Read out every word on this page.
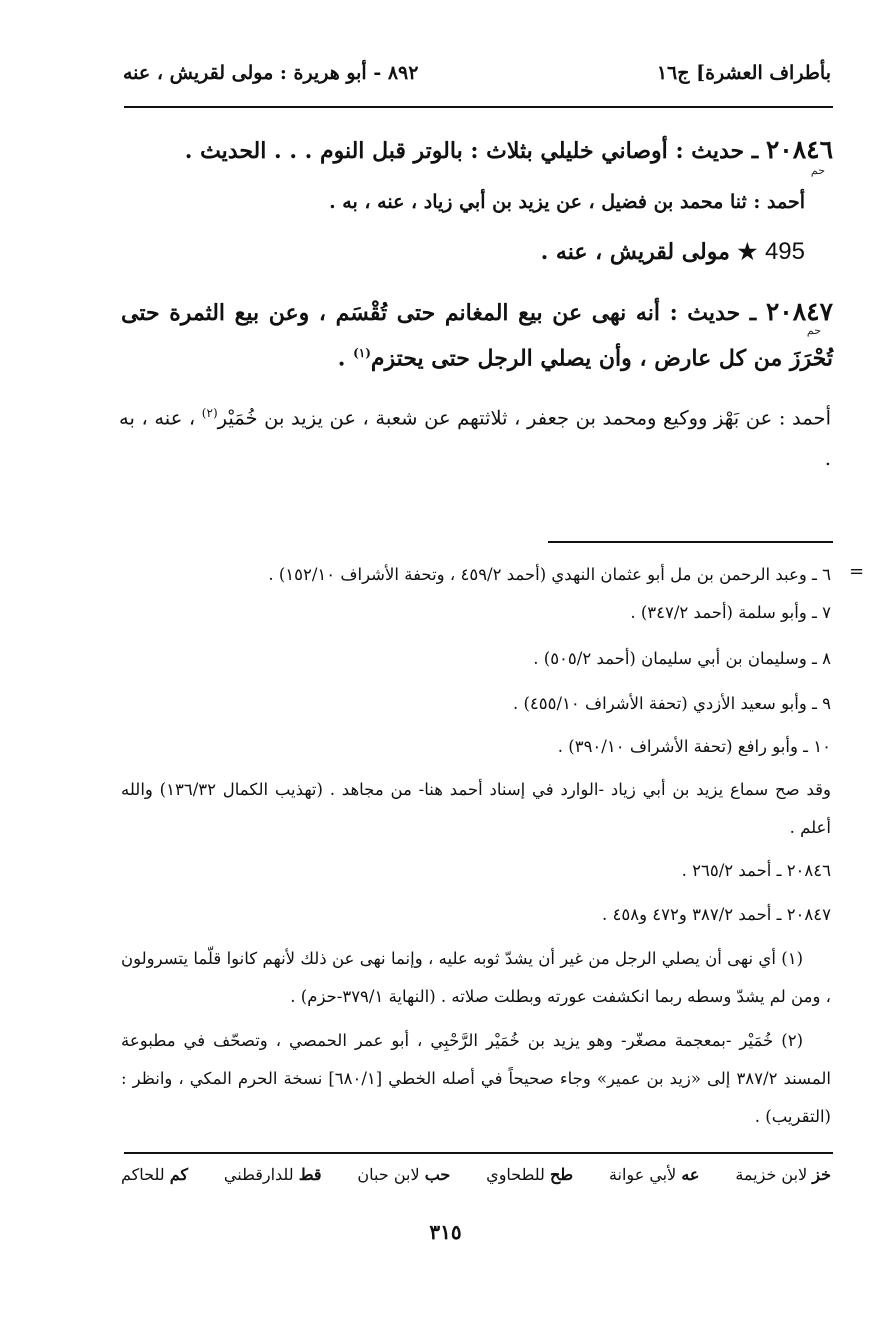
بأطراف العشرة] ج١٦
٨٩٢ - أبو هريرة : مولى لقريش ، عنه
٢٠٨٤٦ ـ حديث : أوصاني خليلي بثلاث : بالوتر قبل النوم . . . الحديث .
حم
أحمد : ثنا محمد بن فضيل ، عن يزيد بن أبي زياد ، عنه ، به .
495 ★ مولى لقريش ، عنه .
٢٠٨٤٧ ـ حديث : أنه نهى عن بيع المغانم حتى تُقْسَم ، وعن بيع الثمرة حتى تُحْرَزَ من كل عارض ، وأن يصلي الرجل حتى يحتزم$^{(١)}$ .
حم
أحمد : عن بَهْز ووكيع ومحمد بن جعفر ، ثلاثتهم عن شعبة ، عن يزيد بن خُمَيْر$^{(٢)}$ ، عنه ، به .
=
٦ ـ وعبد الرحمن بن مل أبو عثمان النهدي (أحمد ٤٥٩/٢ ، وتحفة الأشراف ١٥٢/١٠) .
٧ ـ وأبو سلمة (أحمد ٣٤٧/٢) .
٨ ـ وسليمان بن أبي سليمان (أحمد ٥٠٥/٢) .
٩ ـ وأبو سعيد الأزدي (تحفة الأشراف ٤٥٥/١٠) .
١٠ ـ وأبو رافع (تحفة الأشراف ٣٩٠/١٠) .
وقد صح سماع يزيد بن أبي زياد -الوارد في إسناد أحمد هنا- من مجاهد . (تهذيب الكمال ١٣٦/٣٢) والله أعلم .
٢٠٨٤٦ ـ أحمد ٢٦٥/٢ .
٢٠٨٤٧ ـ أحمد ٣٨٧/٢ و٤٧٢ و٤٥٨ .
(١) أي نهى أن يصلي الرجل من غير أن يشدّ ثوبه عليه ، وإنما نهى عن ذلك لأنهم كانوا قلّما يتسرولون ، ومن لم يشدّ وسطه ربما انكشفت عورته وبطلت صلاته . (النهاية ٣٧٩/١-حزم) .
(٢) خُمَيْر -بمعجمة مصغّر- وهو يزيد بن خُمَيْر الرَّحْبِي ، أبو عمر الحمصي ، وتصحّف في مطبوعة المسند ٣٨٧/٢ إلى «زيد بن عمير» وجاء صحيحاً في أصله الخطي [٦٨٠/١] نسخة الحرم المكي ، وانظر : (التقريب) .
خز لابن خزيمة
عه لأبي عوانة
طح للطحاوي
حب لابن حبان
قط للدارقطني
كم للحاكم
٣١٥
